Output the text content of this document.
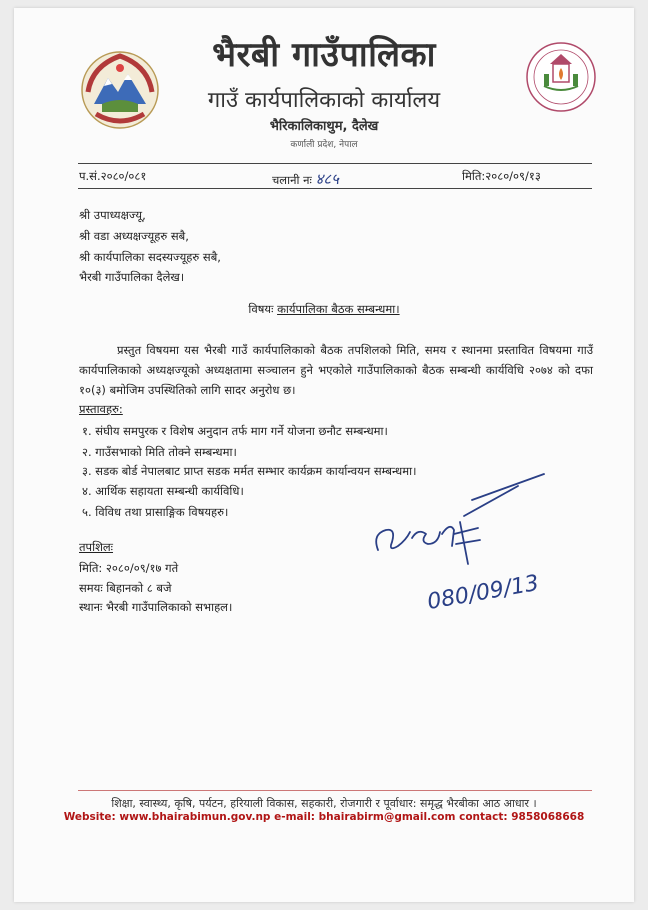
भैरबी गाउँपालिका
गाउँ कार्यपालिकाको कार्यालय
भैरिकालिकाथुम, दैलेख
कर्णाली प्रदेश, नेपाल
प.सं.२०८०/०८१	चलानी नः ४८५	मिति:२०८०/०९/१३
श्री उपाध्यक्षज्यू,
श्री वडा अध्यक्षज्यूहरु सबै,
श्री कार्यपालिका सदस्यज्यूहरु सबै,
भैरबी गाउँपालिका दैलेख।
विषयः कार्यपालिका बैठक सम्बन्धमा।
प्रस्तुत विषयमा यस भैरबी गाउँ कार्यपालिकाको बैठक तपशिलको मिति, समय र स्थानमा प्रस्तावित विषयमा गाउँ कार्यपालिकाको अध्यक्षज्यूको अध्यक्षतामा सञ्चालन हुने भएकोले गाउँपालिकाको बैठक सम्बन्धी कार्यविधि २०७४ को दफा १०(३) बमोजिम उपस्थितिको लागि सादर अनुरोध छ।
प्रस्तावहरु:
१. संघीय समपुरक र विशेष अनुदान तर्फ माग गर्ने योजना छनौट सम्बन्धमा।
२. गाउँसभाको मिति तोक्ने सम्बन्धमा।
३. सडक बोर्ड नेपालबाट प्राप्त सडक मर्मत सम्भार कार्यक्रम कार्यान्वयन सम्बन्धमा।
४. आर्थिक सहायता सम्बन्धी कार्यविधि।
५. विविध तथा प्रासाङ्गिक विषयहरु।
तपशिलः
मिति: २०८०/०९/१७ गते
समयः बिहानको ८ बजे
स्थानः भैरबी गाउँपालिकाको सभाहल।	080/09/13
शिक्षा, स्वास्थ्य, कृषि, पर्यटन, हरियाली विकास, सहकारी, रोजगारी र पूर्वाधार: समृद्ध भैरबीका आठ आधार ।
Website: www.bhairabimun.gov.np e-mail: bhairabirm@gmail.com contact: 9858068668
